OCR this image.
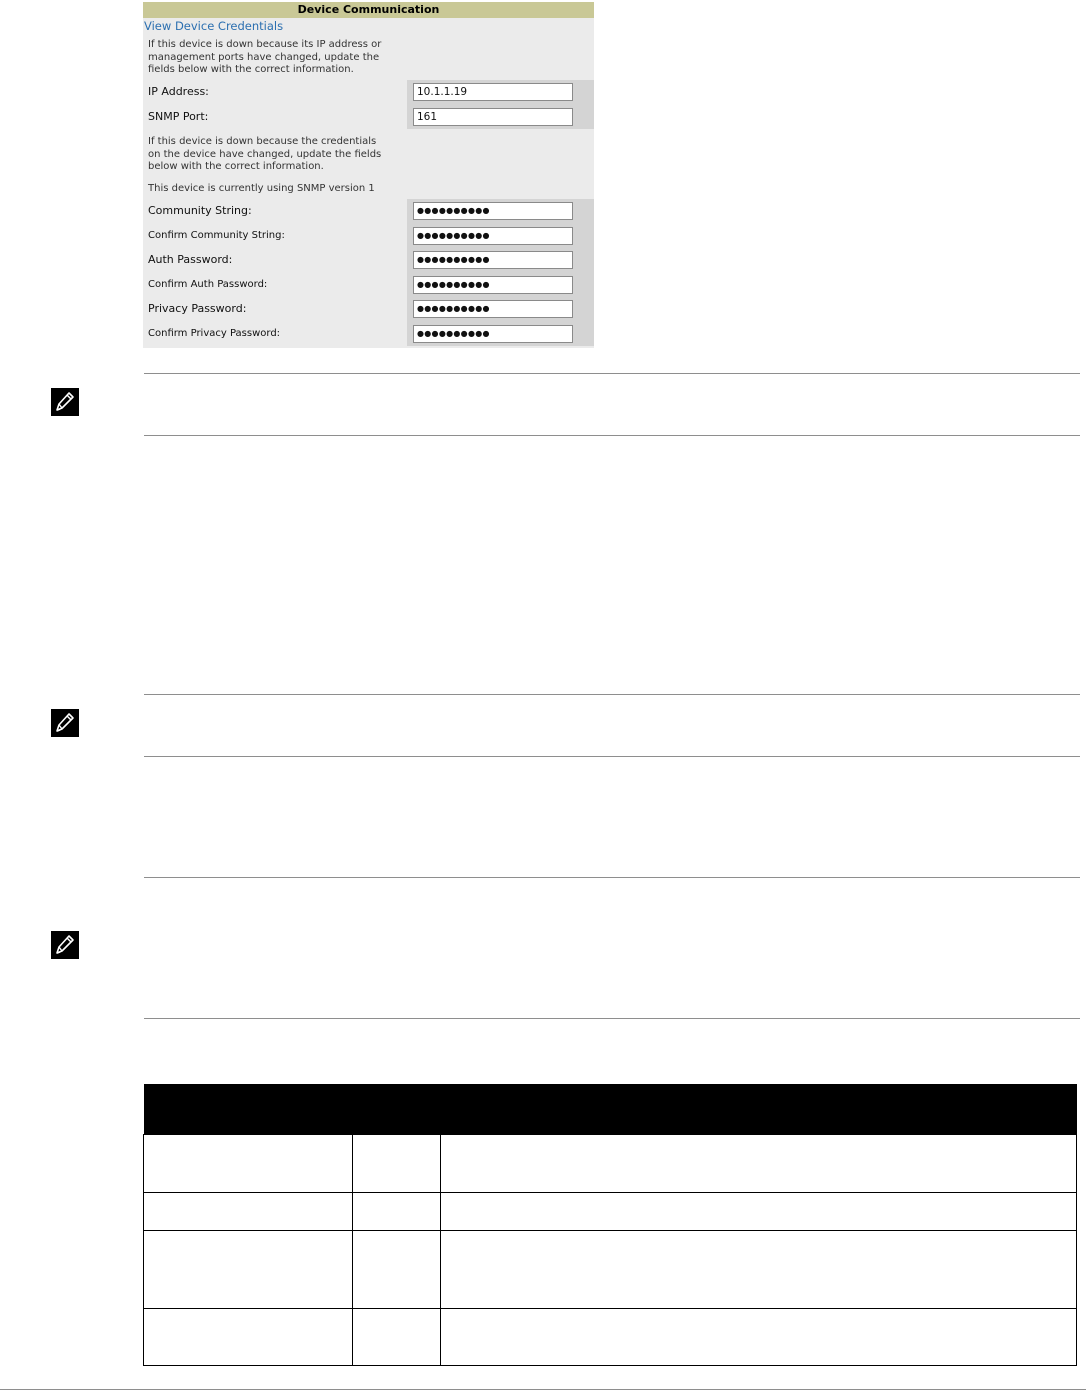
Device Communication
View Device Credentials
If this device is down because its IP address or management ports have changed, update the fields below with the correct information.
IP Address:	10.1.1.19
SNMP Port:	161
If this device is down because the credentials on the device have changed, update the fields below with the correct information.
This device is currently using SNMP version 1
Community String:	●●●●●●●●●●
Confirm Community String:	●●●●●●●●●●
Auth Password:	●●●●●●●●●●
Confirm Auth Password:	●●●●●●●●●●
Privacy Password:	●●●●●●●●●●
Confirm Privacy Password:	●●●●●●●●●●
